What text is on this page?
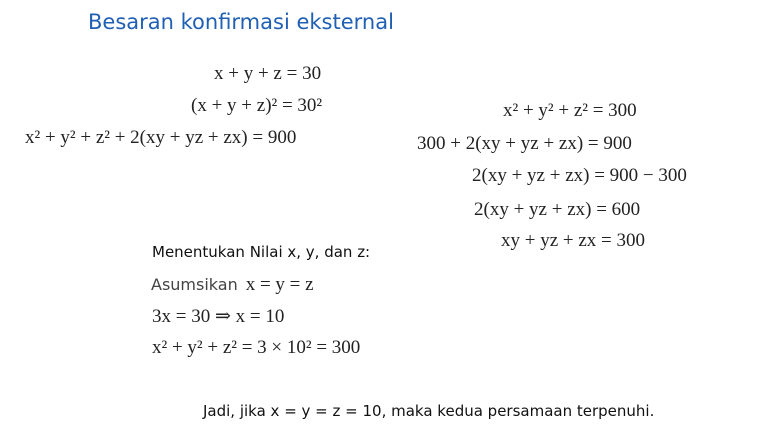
Besaran konfirmasi eksternal
x + y + z = 30
(x + y + z)² = 30²
x² + y² + z² + 2(xy + yz + zx) = 900
x² + y² + z² = 300
300 + 2(xy + yz + zx) = 900
2(xy + yz + zx) = 900 − 300
2(xy + yz + zx) = 600
xy + yz + zx = 300
Menentukan Nilai x, y, dan z:
Asumsikan x = y = z
3x = 30 ⇒ x = 10
x² + y² + z² = 3 × 10² = 300
Jadi, jika x = y = z = 10, maka kedua persamaan terpenuhi.
